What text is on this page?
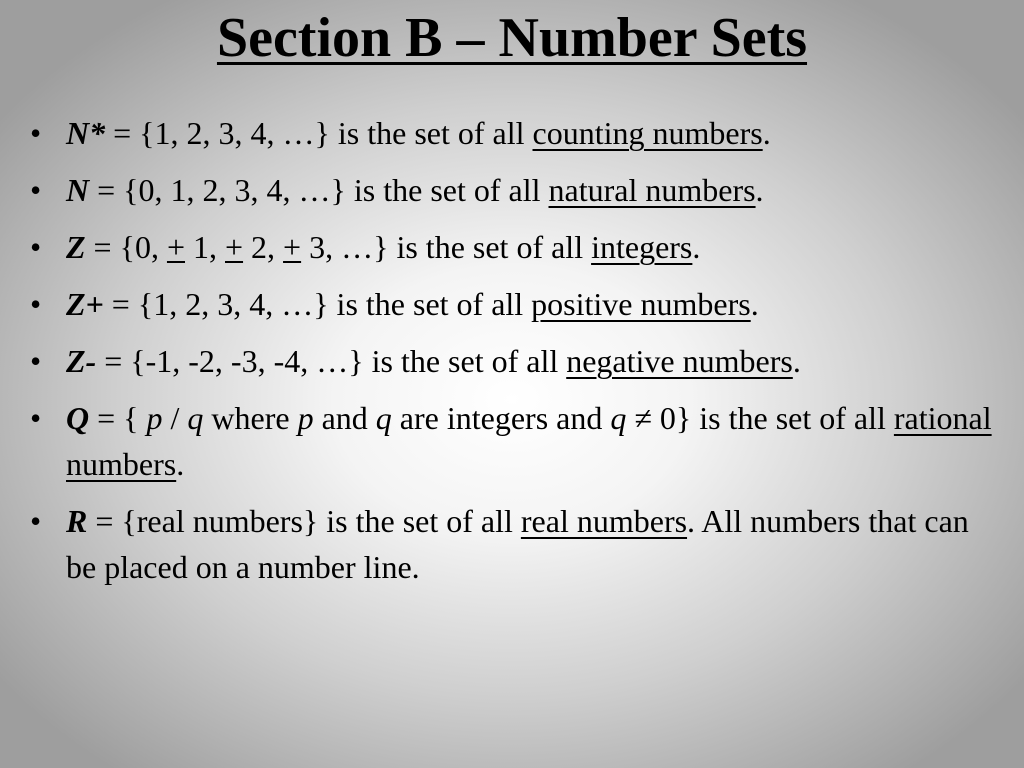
Section B – Number Sets
• N* = {1, 2, 3, 4, …} is the set of all counting numbers.
• N = {0, 1, 2, 3, 4, …} is the set of all natural numbers.
• Z = {0, + 1, + 2, + 3, …} is the set of all integers.
• Z+ = {1, 2, 3, 4, …} is the set of all positive numbers.
• Z- = {-1, -2, -3, -4, …} is the set of all negative numbers.
• Q = { p / q where p and q are integers and q ≠ 0} is the set of all rational numbers.
• R = {real numbers} is the set of all real numbers. All numbers that can be placed on a number line.
